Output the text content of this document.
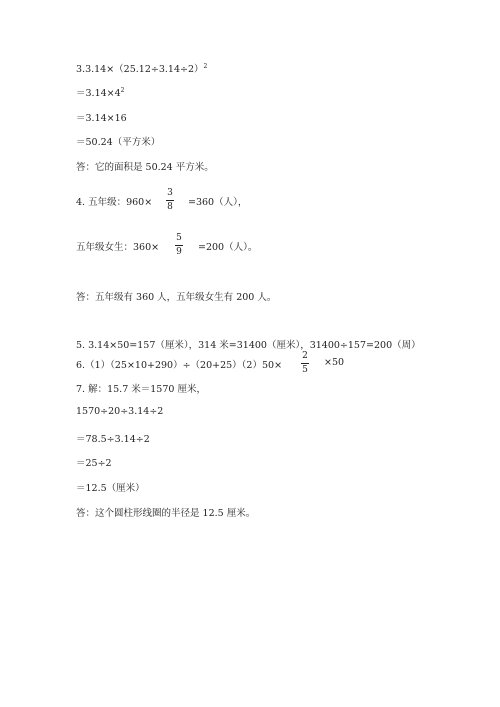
$3.3.14\times(25.12\div 3.14\div 2)^2$
$=3.14\times 4^2$
＝3.14×16
＝50.24（平方米）
答：它的面积是 50.24 平方米。
4. 五年级：960×
3
8 =360（人），
五年级女生：360×
5
9 =200（人）。
答：五年级有 360 人，五年级女生有 200 人。
5. 3.14×50=157（厘米），314 米=31400（厘米），31400÷157=200（周）
6.（1）（25×10+290）÷（20+25）（2）50×
2
5
×50
7. 解：15.7 米＝1570 厘米，
1570÷20÷3.14÷2
＝78.5÷3.14÷2
＝25÷2
＝12.5（厘米）
答：这个圆柱形线圈的半径是 12.5 厘米。
